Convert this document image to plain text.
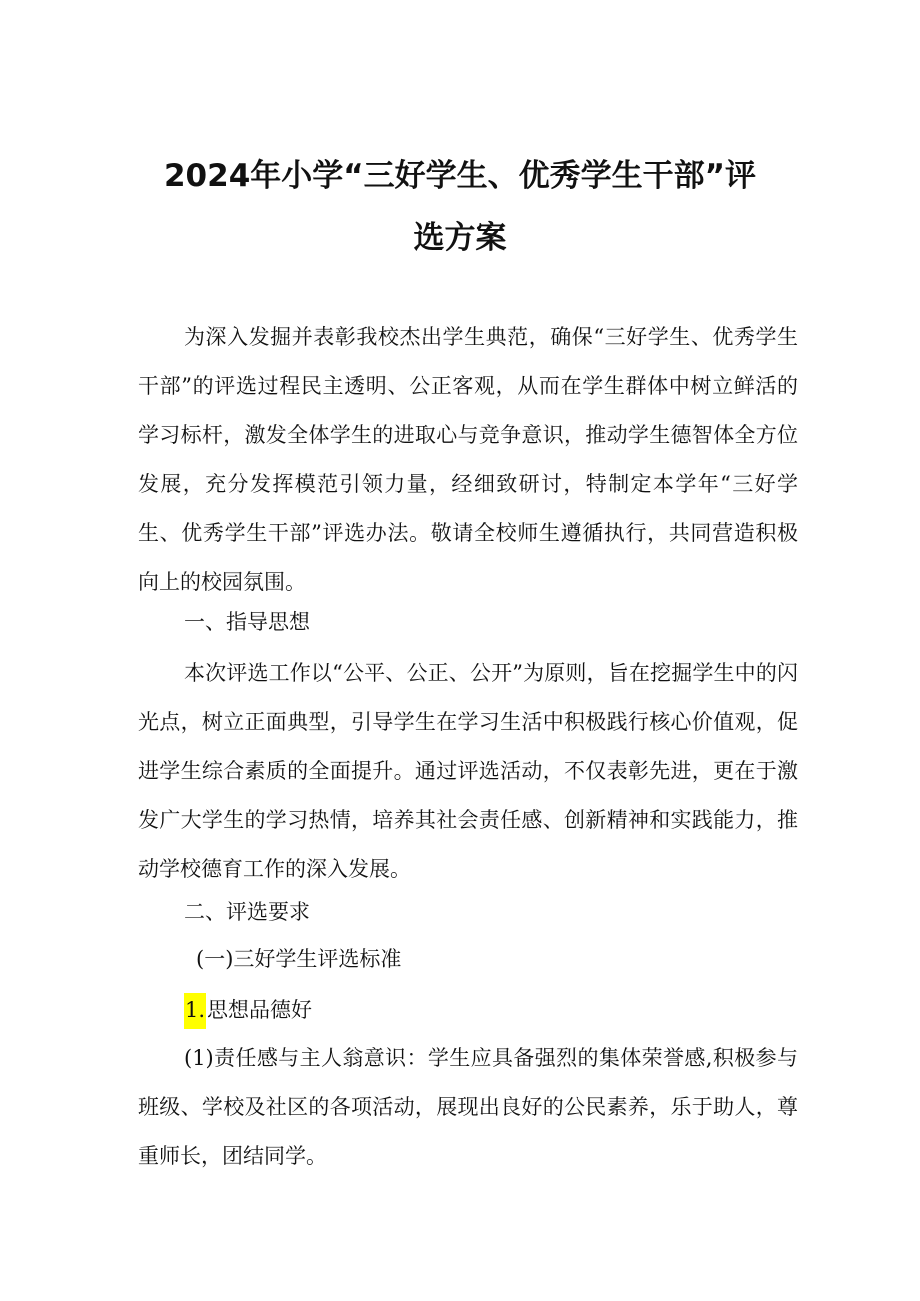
2024年小学“三好学生、优秀学生干部”评
选方案

为深入发掘并表彰我校杰出学生典范，确保“三好学生、优秀学生干部”的评选过程民主透明、公正客观，从而在学生群体中树立鲜活的学习标杆，激发全体学生的进取心与竞争意识，推动学生德智体全方位发展，充分发挥模范引领力量，经细致研讨，特制定本学年“三好学生、优秀学生干部”评选办法。敬请全校师生遵循执行，共同营造积极向上的校园氛围。

一、指导思想

本次评选工作以“公平、公正、公开”为原则，旨在挖掘学生中的闪光点，树立正面典型，引导学生在学习生活中积极践行核心价值观，促进学生综合素质的全面提升。通过评选活动，不仅表彰先进，更在于激发广大学生的学习热情，培养其社会责任感、创新精神和实践能力，推动学校德育工作的深入发展。

二、评选要求

(一)三好学生评选标准

1.思想品德好

(1)责任感与主人翁意识：学生应具备强烈的集体荣誉感,积极参与班级、学校及社区的各项活动，展现出良好的公民素养，乐于助人，尊重师长，团结同学。
